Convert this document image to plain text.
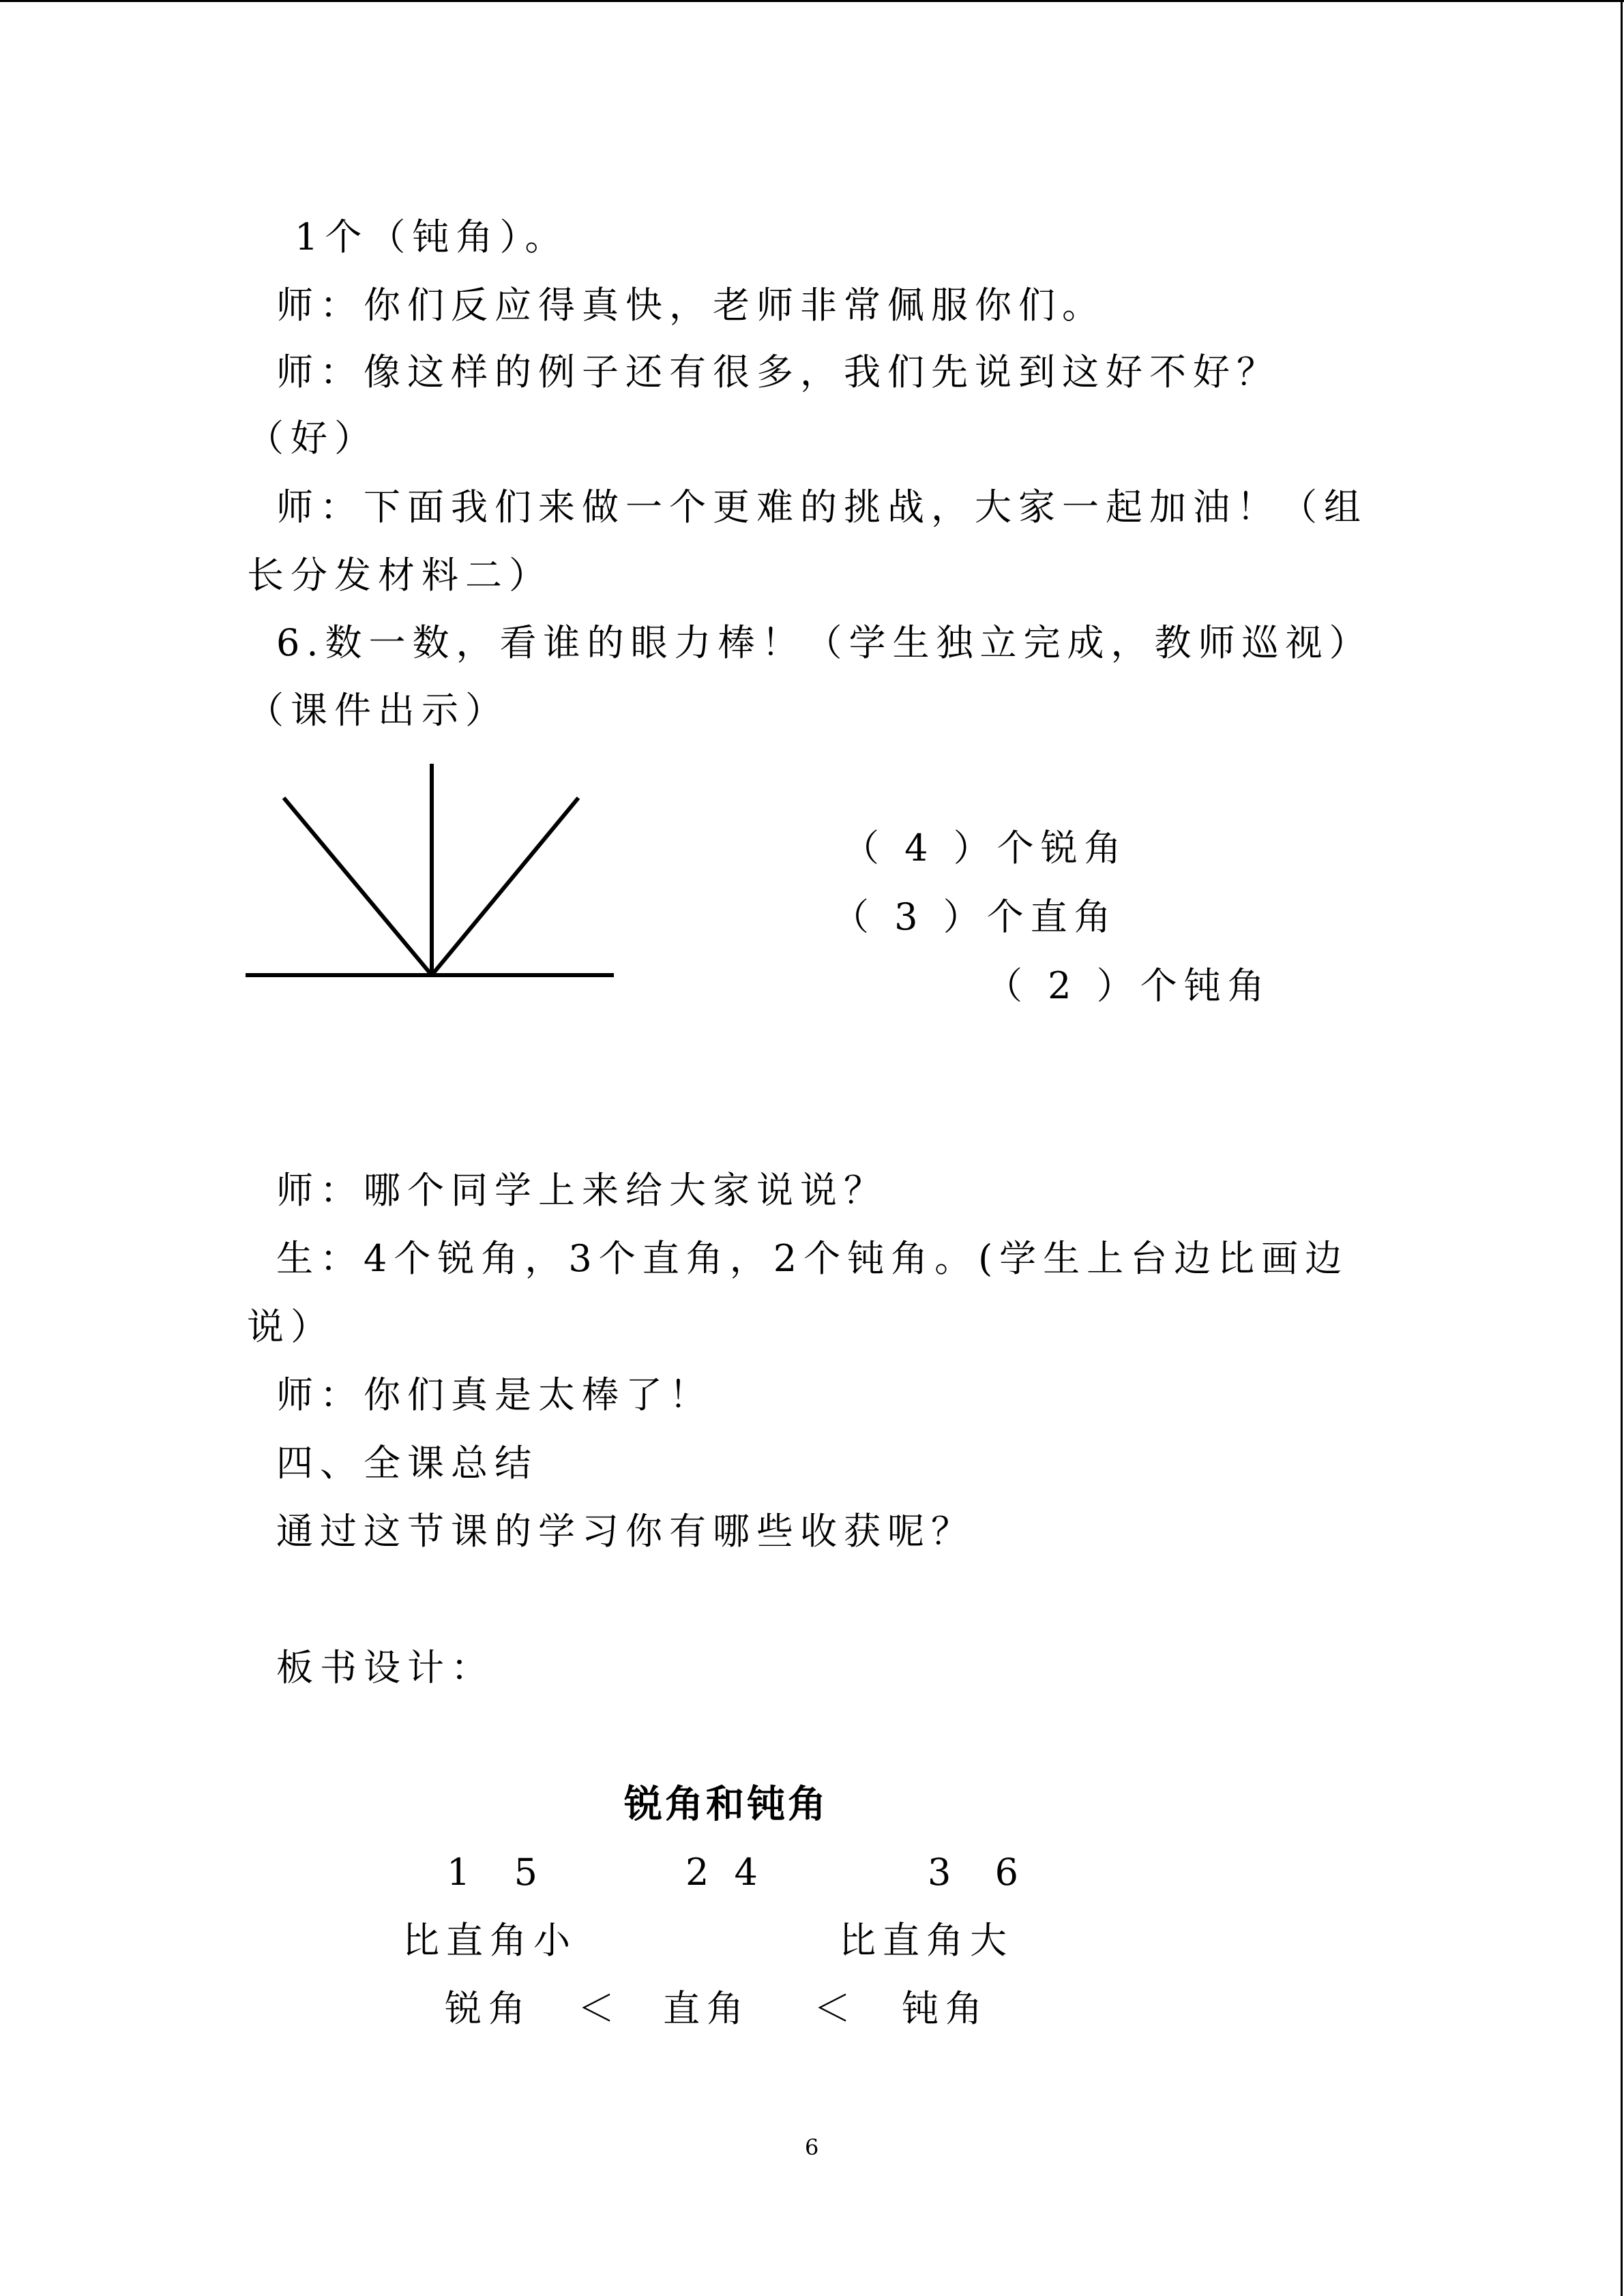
1个（钝角）。
师：你们反应得真快，老师非常佩服你们。
师：像这样的例子还有很多，我们先说到这好不好？
（好）
师：下面我们来做一个更难的挑战，大家一起加油！（组
长分发材料二）
6.数一数，看谁的眼力棒！（学生独立完成，教师巡视）
（课件出示）
（ 4 ）个锐角
（ 3 ）个直角
（ 2 ）个钝角
师：哪个同学上来给大家说说？
生：4个锐角，3个直角，2个钝角。(学生上台边比画边
说）
师：你们真是太棒了！
四、全课总结
通过这节课的学习你有哪些收获呢？
板书设计：
锐角和钝角
1  5	2 4	3  6
比直角小	比直角大
锐角 ＜ 直角 ＜ 钝角
6
